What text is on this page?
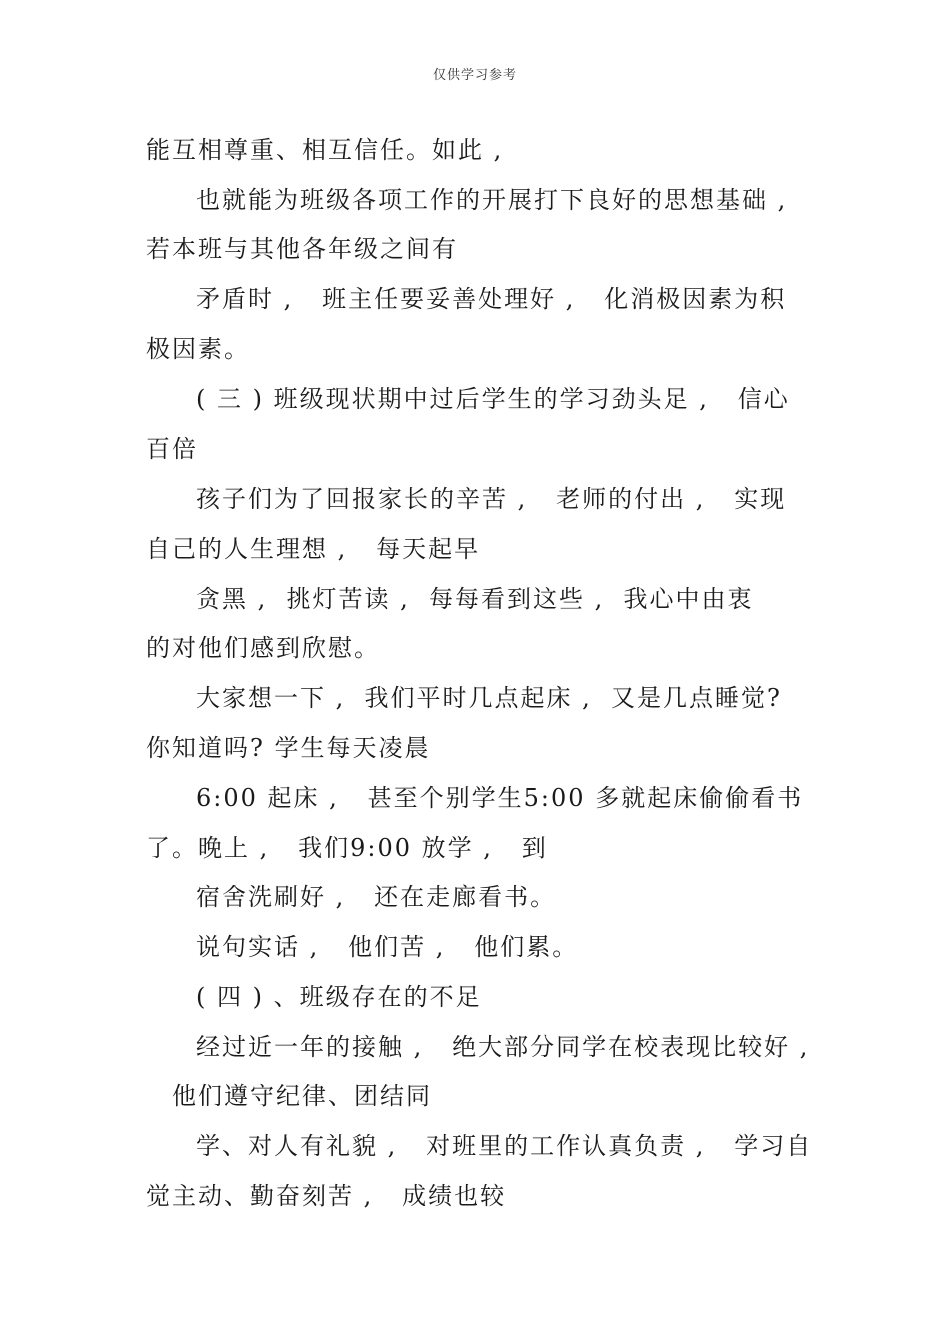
仅供学习参考
能互相尊重、相互信任。如此 ,
也就能为班级各项工作的开展打下良好的思想基础 ,
若本班与其他各年级之间有
矛盾时 ,   班主任要妥善处理好 ,   化消极因素为积
极因素。
( 三 ) 班级现状期中过后学生的学习劲头足 ,   信心
百倍
孩子们为了回报家长的辛苦 ,   老师的付出 ,   实现
自己的人生理想 ,   每天起早
贪黑 ,  挑灯苦读 ,  每每看到这些 ,  我心中由衷
的对他们感到欣慰。
大家想一下 ,  我们平时几点起床 ,  又是几点睡觉?
你知道吗? 学生每天凌晨
6:00 起床 ,   甚至个别学生5:00 多就起床偷偷看书
了。晚上 ,   我们9:00 放学 ,   到
宿舍洗刷好 ,   还在走廊看书。
说句实话 ,   他们苦 ,   他们累。
( 四 ) 、班级存在的不足
经过近一年的接触 ,   绝大部分同学在校表现比较好 ,
他们遵守纪律、团结同
学、对人有礼貌 ,   对班里的工作认真负责 ,   学习自
觉主动、勤奋刻苦 ,   成绩也较
